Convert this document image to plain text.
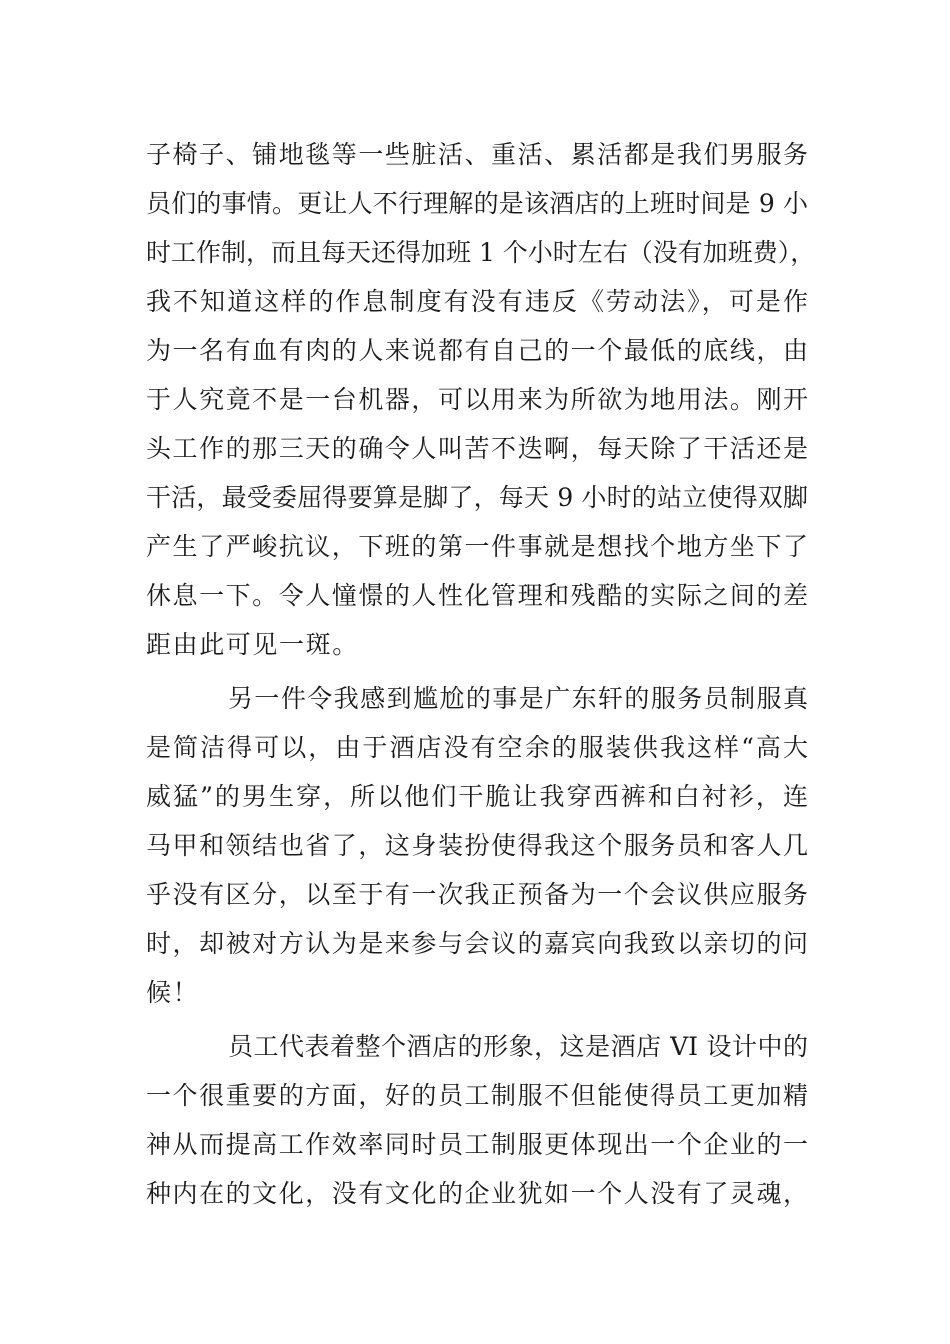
子椅子、铺地毯等一些脏活、重活、累活都是我们男服务
员们的事情。更让人不行理解的是该酒店的上班时间是 9 小
时工作制，而且每天还得加班 1 个小时左右（没有加班费），
我不知道这样的作息制度有没有违反《劳动法》，可是作
为一名有血有肉的人来说都有自己的一个最低的底线，由
于人究竟不是一台机器，可以用来为所欲为地用法。刚开
头工作的那三天的确令人叫苦不迭啊，每天除了干活还是
干活，最受委屈得要算是脚了，每天 9 小时的站立使得双脚
产生了严峻抗议，下班的第一件事就是想找个地方坐下了
休息一下。令人憧憬的人性化管理和残酷的实际之间的差
距由此可见一斑。
另一件令我感到尴尬的事是广东轩的服务员制服真
是简洁得可以，由于酒店没有空余的服装供我这样“高大
威猛”的男生穿，所以他们干脆让我穿西裤和白衬衫，连
马甲和领结也省了，这身装扮使得我这个服务员和客人几
乎没有区分，以至于有一次我正预备为一个会议供应服务
时，却被对方认为是来参与会议的嘉宾向我致以亲切的问
候！
员工代表着整个酒店的形象，这是酒店 VI 设计中的
一个很重要的方面，好的员工制服不但能使得员工更加精
神从而提高工作效率同时员工制服更体现出一个企业的一
种内在的文化，没有文化的企业犹如一个人没有了灵魂，
